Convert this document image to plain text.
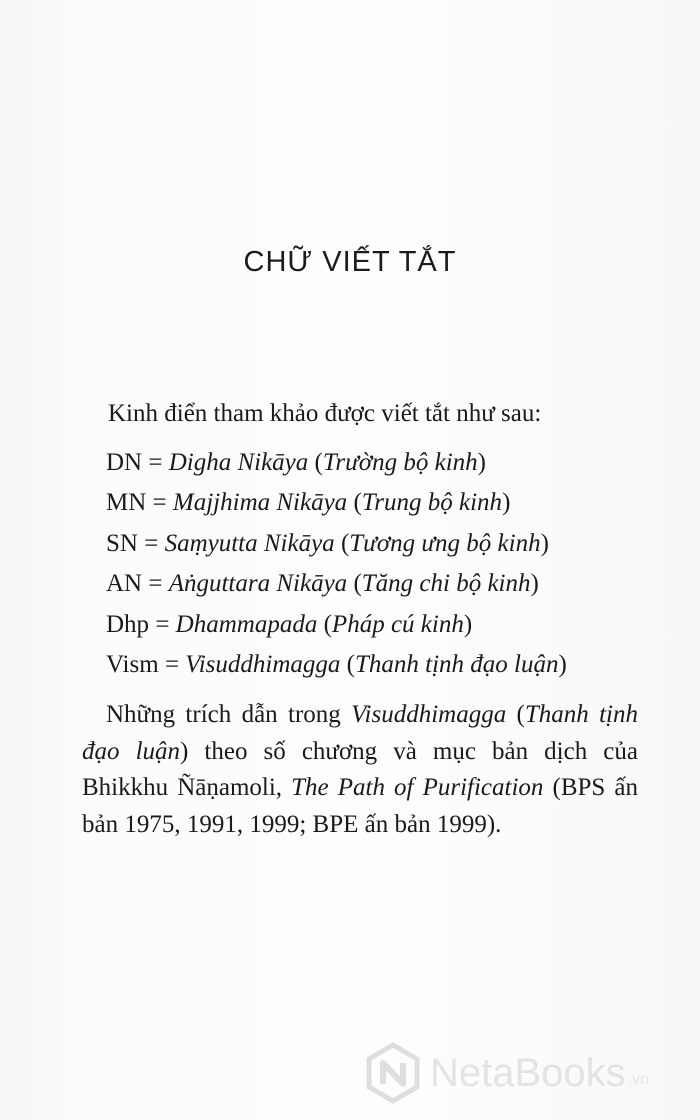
CHỮ VIẾT TẮT
Kinh điển tham khảo được viết tắt như sau:
DN = Digha Nikāya (Trường bộ kinh)
MN = Majjhima Nikāya (Trung bộ kinh)
SN = Saṃyutta Nikāya (Tương ưng bộ kinh)
AN = Aṅguttara Nikāya (Tăng chi bộ kinh)
Dhp = Dhammapada (Pháp cú kinh)
Vism = Visuddhimagga (Thanh tịnh đạo luận)

Những trích dẫn trong Visuddhimagga (Thanh tịnh đạo luận) theo số chương và mục bản dịch của Bhikkhu Ñāṇamoli, The Path of Purification (BPS ấn bản 1975, 1991, 1999; BPE ấn bản 1999).

NetaBooks .vn
